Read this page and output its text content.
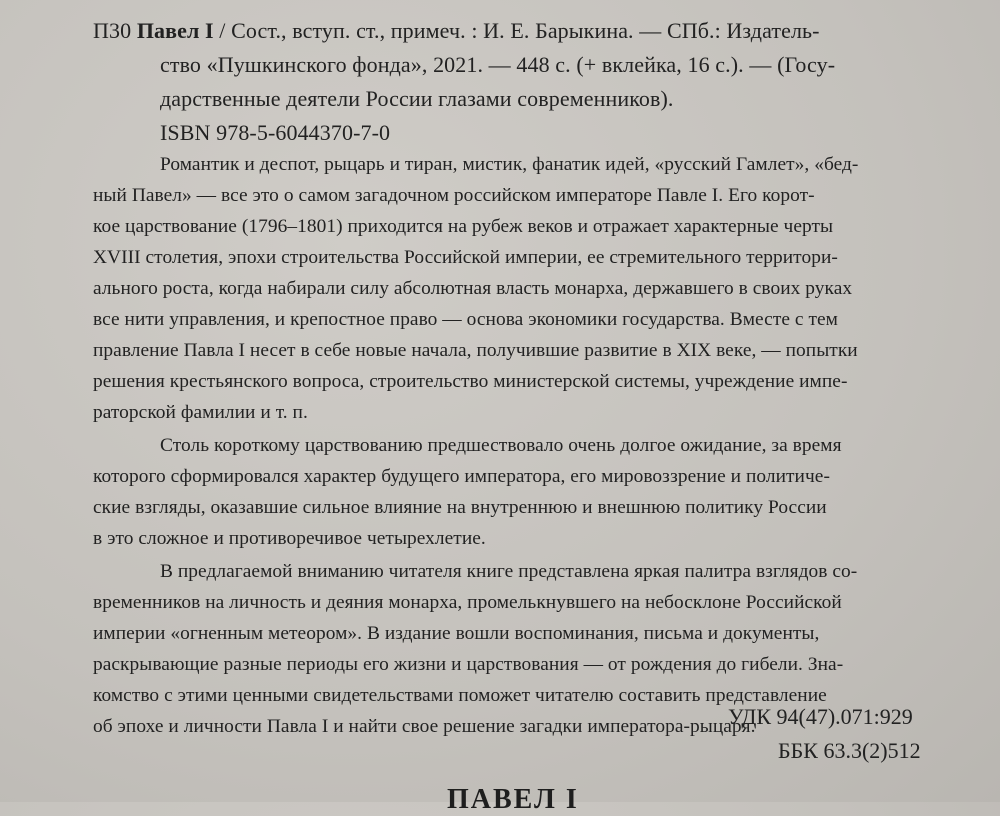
П30 Павел I / Сост., вступ. ст., примеч. : И. Е. Барыкина. — СПб.: Издатель-
ство «Пушкинского фонда», 2021. — 448 с. (+ вклейка, 16 с.). — (Госу-
дарственные деятели России глазами современников).
ISBN 978-5-6044370-7-0
Романтик и деспот, рыцарь и тиран, мистик, фанатик идей, «русский Гамлет», «бед-
ный Павел» — все это о самом загадочном российском императоре Павле I. Его корот-
кое царствование (1796–1801) приходится на рубеж веков и отражает характерные черты
XVIII столетия, эпохи строительства Российской империи, ее стремительного территори-
ального роста, когда набирали силу абсолютная власть монарха, державшего в своих руках
все нити управления, и крепостное право — основа экономики государства. Вместе с тем
правление Павла I несет в себе новые начала, получившие развитие в XIX веке, — попытки
решения крестьянского вопроса, строительство министерской системы, учреждение импе-
раторской фамилии и т. п.
Столь короткому царствованию предшествовало очень долгое ожидание, за время
которого сформировался характер будущего императора, его мировоззрение и политиче-
ские взгляды, оказавшие сильное влияние на внутреннюю и внешнюю политику России
в это сложное и противоречивое четырехлетие.
В предлагаемой вниманию читателя книге представлена яркая палитра взглядов со-
временников на личность и деяния монарха, промелькнувшего на небосклоне Российской
империи «огненным метеором». В издание вошли воспоминания, письма и документы,
раскрывающие разные периоды его жизни и царствования — от рождения до гибели. Зна-
комство с этими ценными свидетельствами поможет читателю составить представление
об эпохе и личности Павла I и найти свое решение загадки императора-рыцаря.
УДК 94(47).071:929
ББК 63.3(2)512
ПАВЕЛ I
